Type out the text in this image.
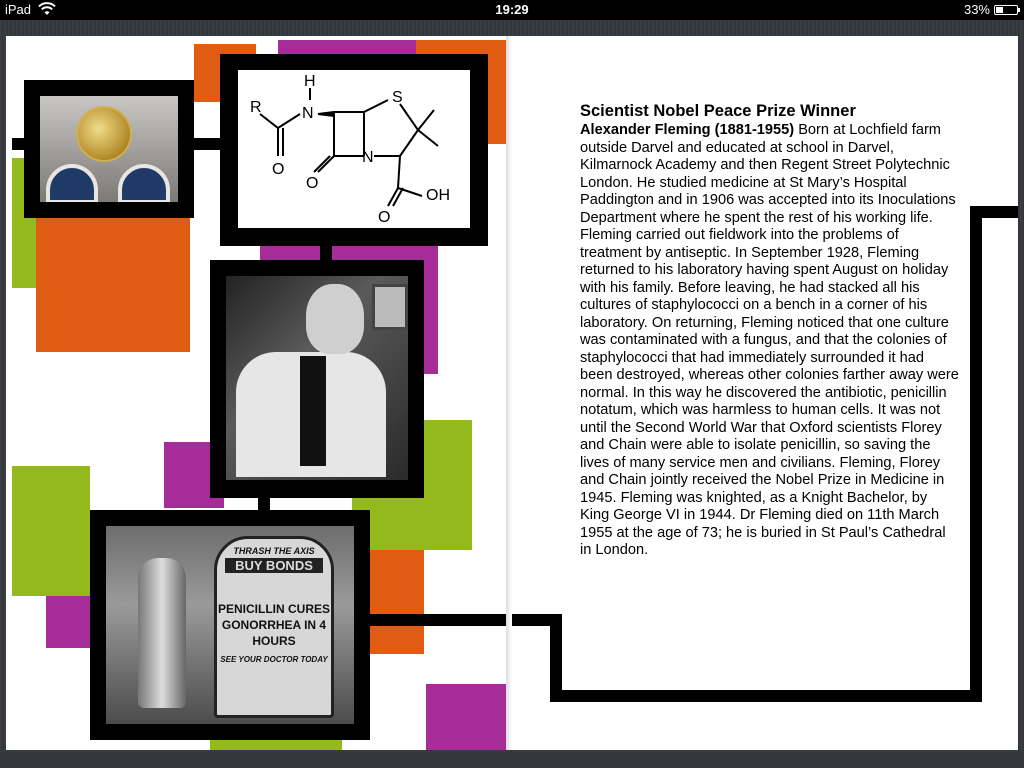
iPad	19:29	33%
R
H
N
O
S
N
O
O
OH
THRASH THE AXIS
BUY BONDS
PENICILLIN CURES GONORRHEA IN 4 HOURS
SEE YOUR DOCTOR TODAY
Scientist Nobel Peace Prize Winner
Alexander Fleming (1881-1955) Born at Lochfield farm outside Darvel and educated at school in Darvel, Kilmarnock Academy and then Regent Street Polytechnic London. He studied medicine at St Mary’s Hospital Paddington and in 1906 was accepted into its Inoculations Department where he spent the rest of his working life. Fleming carried out fieldwork into the problems of treatment by antiseptic. In September 1928, Fleming returned to his laboratory having spent August on holiday with his family. Before leaving, he had stacked all his cultures of staphylococci on a bench in a corner of his laboratory. On returning, Fleming noticed that one culture was contaminated with a fungus, and that the colonies of staphylococci that had immediately surrounded it had been destroyed, whereas other colonies farther away were normal. In this way he discovered the antibiotic, penicillin notatum, which was harmless to human cells. It was not until the Second World War that Oxford scientists Florey and Chain were able to isolate penicillin, so saving the lives of many service men and civilians. Fleming, Florey and Chain jointly received the Nobel Prize in Medicine in 1945. Fleming was knighted, as a Knight Bachelor, by King George VI in 1944. Dr Fleming died on 11th March 1955 at the age of 73; he is buried in St Paul’s Cathedral in London.
